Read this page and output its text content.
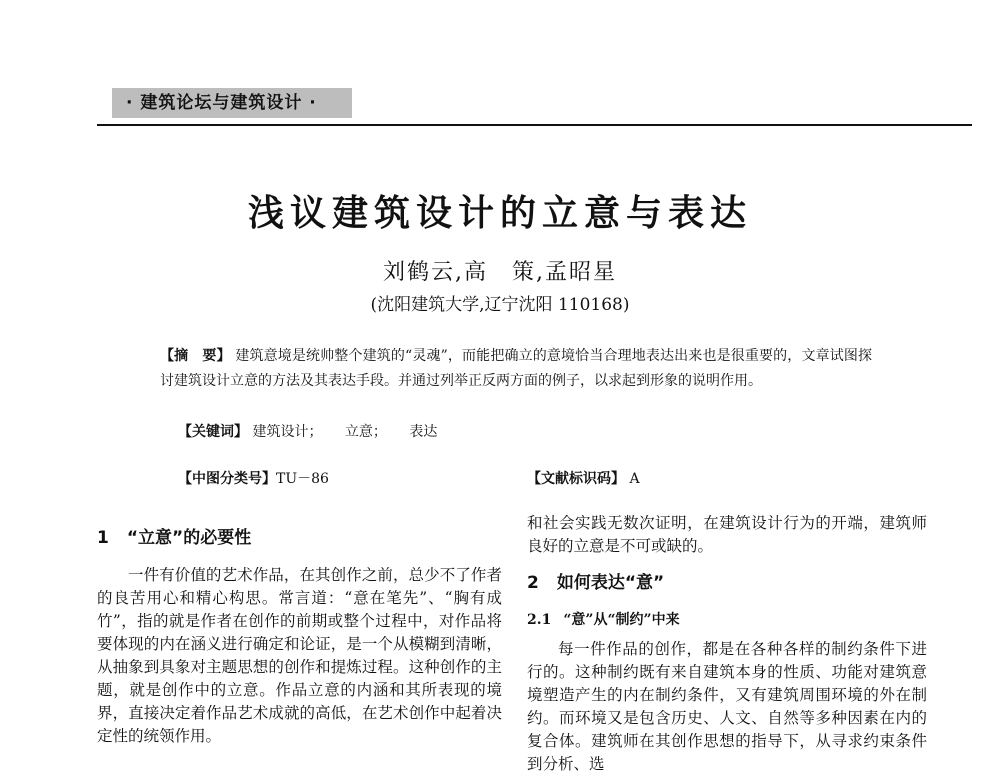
· 建筑论坛与建筑设计 ·
浅议建筑设计的立意与表达
刘鹤云,高　策,孟昭星
(沈阳建筑大学,辽宁沈阳 110168)
【摘　要】 建筑意境是统帅整个建筑的“灵魂”，而能把确立的意境恰当合理地表达出来也是很重要的，文章试图探讨建筑设计立意的方法及其表达手段。并通过列举正反两方面的例子，以求起到形象的说明作用。
【关键词】 建筑设计； 立意； 表达
【中图分类号】TU－86	【文献标识码】 A
1 “立意”的必要性

一件有价值的艺术作品，在其创作之前，总少不了作者的良苦用心和精心构思。常言道：“意在笔先”、“胸有成竹”，指的就是作者在创作的前期或整个过程中，对作品将要体现的内在涵义进行确定和论证，是一个从模糊到清晰，从抽象到具象对主题思想的创作和提炼过程。这种创作的主题，就是创作中的立意。作品立意的内涵和其所表现的境界，直接决定着作品艺术成就的高低，在艺术创作中起着决定性的统领作用。

和社会实践无数次证明，在建筑设计行为的开端，建筑师良好的立意是不可或缺的。

2 如何表达“意”
2.1 “意”从“制约”中来

每一件作品的创作，都是在各种各样的制约条件下进行的。这种制约既有来自建筑本身的性质、功能对建筑意境塑造产生的内在制约条件，又有建筑周围环境的外在制约。而环境又是包含历史、人文、自然等多种因素在内的复合体。建筑师在其创作思想的指导下，从寻求约束条件到分析、选
